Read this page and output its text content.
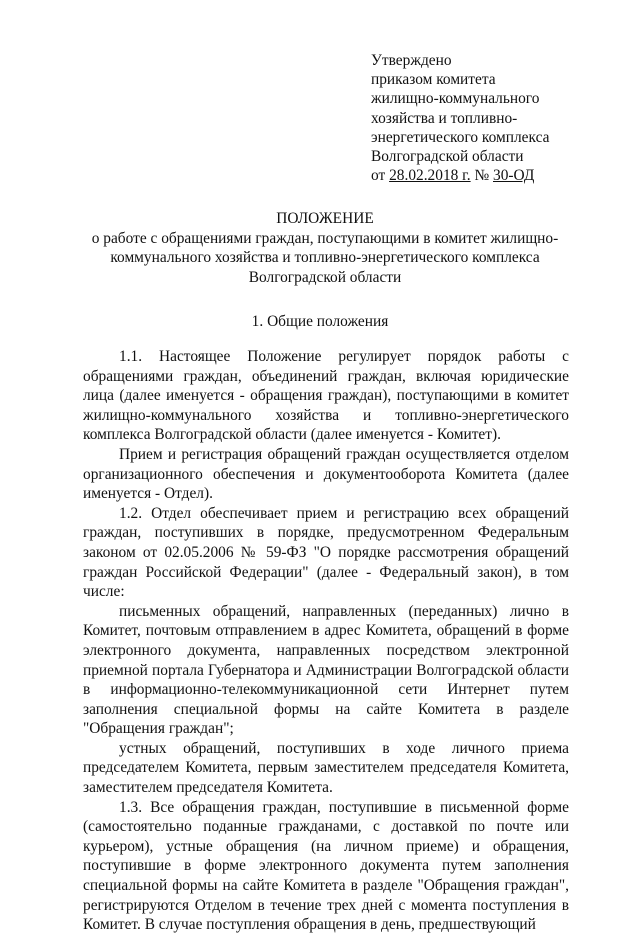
Утверждено
приказом комитета
жилищно-коммунального
хозяйства и топливно-
энергетического комплекса
Волгоградской области
от 28.02.2018 г. № 30-ОД
ПОЛОЖЕНИЕ
о работе с обращениями граждан, поступающими в комитет жилищно-
коммунального хозяйства и топливно-энергетического комплекса
Волгоградской области
1. Общие положения

1.1. Настоящее Положение регулирует порядок работы с обращениями граждан, объединений граждан, включая юридические лица (далее именуется - обращения граждан), поступающими в комитет жилищно-коммунального хозяйства и топливно-энергетического комплекса Волгоградской области (далее именуется - Комитет).

Прием и регистрация обращений граждан осуществляется отделом организационного обеспечения и документооборота Комитета (далее именуется - Отдел).

1.2. Отдел обеспечивает прием и регистрацию всех обращений граждан, поступивших в порядке, предусмотренном Федеральным законом от 02.05.2006 № 59-ФЗ "О порядке рассмотрения обращений граждан Российской Федерации" (далее - Федеральный закон), в том числе:

письменных обращений, направленных (переданных) лично в Комитет, почтовым отправлением в адрес Комитета, обращений в форме электронного документа, направленных посредством электронной приемной портала Губернатора и Администрации Волгоградской области в информационно-телекоммуникационной сети Интернет путем заполнения специальной формы на сайте Комитета в разделе "Обращения граждан";

устных обращений, поступивших в ходе личного приема председателем Комитета, первым заместителем председателя Комитета, заместителем председателя Комитета.

1.3. Все обращения граждан, поступившие в письменной форме (самостоятельно поданные гражданами, с доставкой по почте или курьером), устные обращения (на личном приеме) и обращения, поступившие в форме электронного документа путем заполнения специальной формы на сайте Комитета в разделе "Обращения граждан", регистрируются Отделом в течение трех дней с момента поступления в Комитет. В случае поступления обращения в день, предшествующий
